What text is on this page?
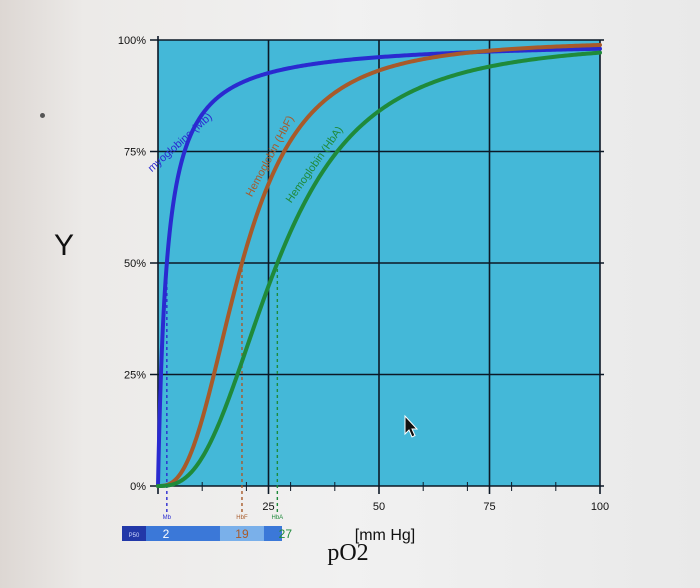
0%
25%
50%
75%
100%
25	50	75	100
Y
pO2
[mm Hg]
Mb	HbF	HbA
myoglobine (Mb)	Hemoglobin (HbF)
Hemoglobin (HbA)
P50 2	19	27
